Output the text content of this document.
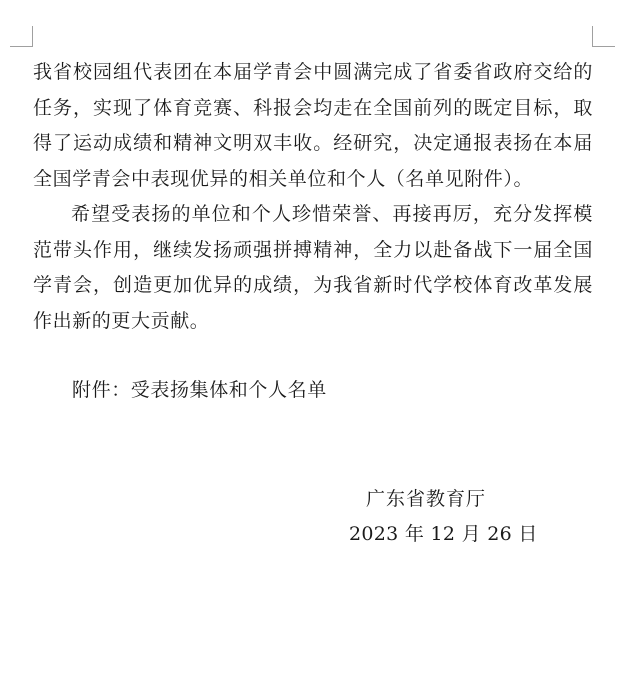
我省校园组代表团在本届学青会中圆满完成了省委省政府交给的任务，实现了体育竞赛、科报会均走在全国前列的既定目标，取得了运动成绩和精神文明双丰收。经研究，决定通报表扬在本届全国学青会中表现优异的相关单位和个人（名单见附件）。

希望受表扬的单位和个人珍惜荣誉、再接再厉，充分发挥模范带头作用，继续发扬顽强拼搏精神，全力以赴备战下一届全国学青会，创造更加优异的成绩，为我省新时代学校体育改革发展作出新的更大贡献。

附件：受表扬集体和个人名单
广东省教育厅
2023 年 12 月 26 日
